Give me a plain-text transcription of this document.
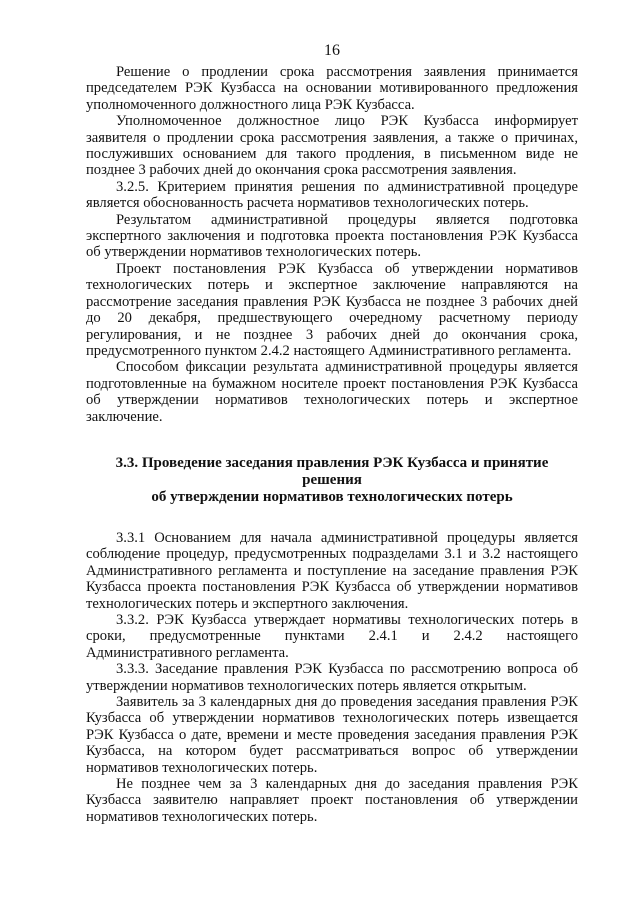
16

Решение о продлении срока рассмотрения заявления принимается председателем РЭК Кузбасса на основании мотивированного предложения уполномоченного должностного лица РЭК Кузбасса.

Уполномоченное должностное лицо РЭК Кузбасса информирует заявителя о продлении срока рассмотрения заявления, а также о причинах, послуживших основанием для такого продления, в письменном виде не позднее 3 рабочих дней до окончания срока рассмотрения заявления.

3.2.5. Критерием принятия решения по административной процедуре является обоснованность расчета нормативов технологических потерь.

Результатом административной процедуры является подготовка экспертного заключения и подготовка проекта постановления РЭК Кузбасса об утверждении нормативов технологических потерь.

Проект постановления РЭК Кузбасса об утверждении нормативов технологических потерь и экспертное заключение направляются на рассмотрение заседания правления РЭК Кузбасса не позднее 3 рабочих дней до 20 декабря, предшествующего очередному расчетному периоду регулирования, и не позднее 3 рабочих дней до окончания срока, предусмотренного пунктом 2.4.2 настоящего Административного регламента.

Способом фиксации результата административной процедуры является подготовленные на бумажном носителе проект постановления РЭК Кузбасса об утверждении нормативов технологических потерь и экспертное заключение.

3.3. Проведение заседания правления РЭК Кузбасса и принятие решения
об утверждении нормативов технологических потерь

3.3.1 Основанием для начала административной процедуры является соблюдение процедур, предусмотренных подразделами 3.1 и 3.2 настоящего Административного регламента и поступление на заседание правления РЭК Кузбасса проекта постановления РЭК Кузбасса об утверждении нормативов технологических потерь и экспертного заключения.

3.3.2. РЭК Кузбасса утверждает нормативы технологических потерь в сроки, предусмотренные пунктами 2.4.1 и 2.4.2 настоящего Административного регламента.

3.3.3. Заседание правления РЭК Кузбасса по рассмотрению вопроса об утверждении нормативов технологических потерь является открытым.

Заявитель за 3 календарных дня до проведения заседания правления РЭК Кузбасса об утверждении нормативов технологических потерь извещается РЭК Кузбасса о дате, времени и месте проведения заседания правления РЭК Кузбасса, на котором будет рассматриваться вопрос об утверждении нормативов технологических потерь.

Не позднее чем за 3 календарных дня до заседания правления РЭК Кузбасса заявителю направляет проект постановления об утверждении нормативов технологических потерь.
